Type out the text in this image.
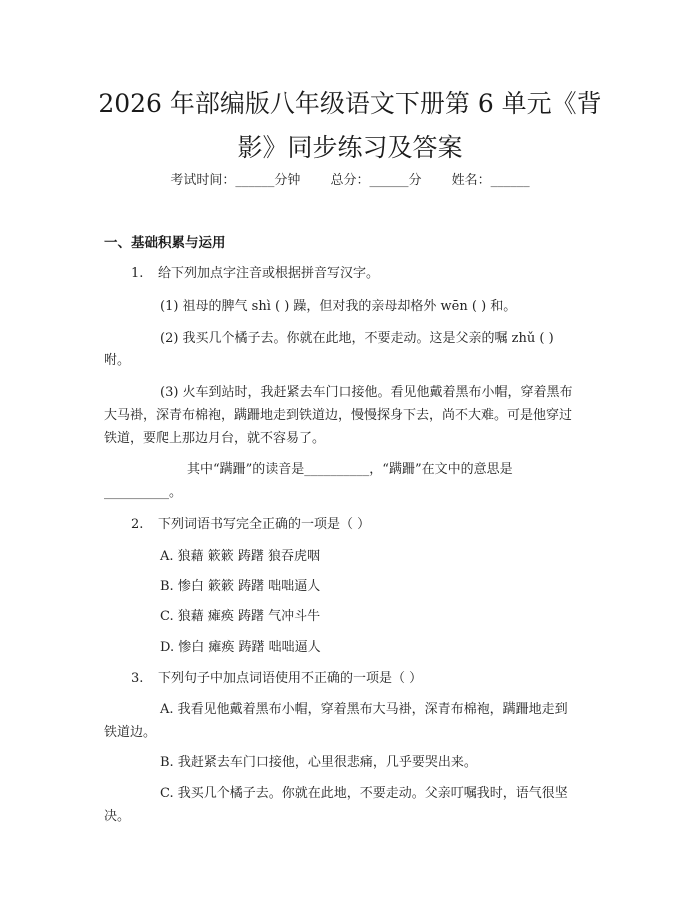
2026 年部编版八年级语文下册第 6 单元《背
影》同步练习及答案
考试时间：______分钟 总分：______分 姓名：______
一、基础积累与运用
1. 给下列加点字注音或根据拼音写汉字。
(1) 祖母的脾气 shì ( ) 躁，但对我的亲母却格外 wēn ( ) 和。
(2) 我买几个橘子去。你就在此地，不要走动。这是父亲的嘱 zhǔ ( )
咐。
(3) 火车到站时，我赶紧去车门口接他。看见他戴着黑布小帽，穿着黑布
大马褂，深青布棉袍，蹒跚地走到铁道边，慢慢探身下去，尚不大难。可是他穿过
铁道，要爬上那边月台，就不容易了。
其中“蹒跚”的读音是__________，“蹒跚”在文中的意思是
__________。
2. 下列词语书写完全正确的一项是（ ）
A. 狼藉 簌簌 踌躇 狼吞虎咽
B. 惨白 簌簌 踌躇 咄咄逼人
C. 狼藉 瘫痪 踌躇 气冲斗牛
D. 惨白 瘫痪 踌躇 咄咄逼人
3. 下列句子中加点词语使用不正确的一项是（ ）
A. 我看见他戴着黑布小帽，穿着黑布大马褂，深青布棉袍，蹒跚地走到
铁道边。
B. 我赶紧去车门口接他，心里很悲痛，几乎要哭出来。
C. 我买几个橘子去。你就在此地，不要走动。父亲叮嘱我时，语气很坚
决。
